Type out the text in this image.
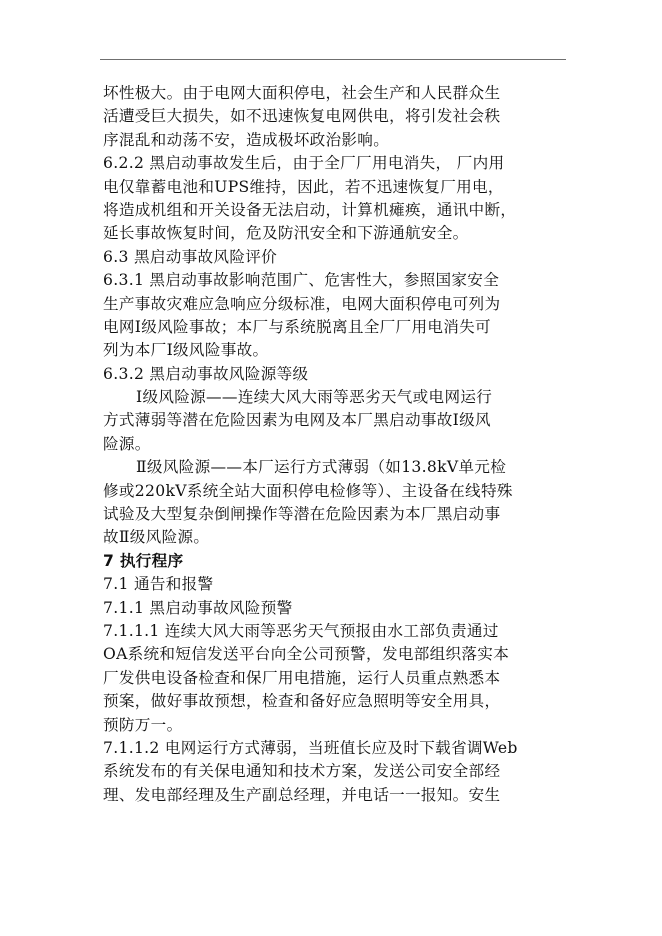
坏性极大。由于电网大面积停电，社会生产和人民群众生
活遭受巨大损失，如不迅速恢复电网供电，将引发社会秩
序混乱和动荡不安，造成极坏政治影响。
6.2.2 黑启动事故发生后，由于全厂厂用电消失， 厂内用
电仅靠蓄电池和UPS维持，因此，若不迅速恢复厂用电，
将造成机组和开关设备无法启动，计算机瘫痪，通讯中断，
延长事故恢复时间，危及防汛安全和下游通航安全。
6.3 黑启动事故风险评价
6.3.1 黑启动事故影响范围广、危害性大，参照国家安全
生产事故灾难应急响应分级标准，电网大面积停电可列为
电网Ⅰ级风险事故；本厂与系统脱离且全厂厂用电消失可
列为本厂Ⅰ级风险事故。
6.3.2 黑启动事故风险源等级
Ⅰ级风险源——连续大风大雨等恶劣天气或电网运行
方式薄弱等潜在危险因素为电网及本厂黑启动事故Ⅰ级风
险源。
Ⅱ级风险源——本厂运行方式薄弱（如13.8kV单元检
修或220kV系统全站大面积停电检修等）、主设备在线特殊
试验及大型复杂倒闸操作等潜在危险因素为本厂黑启动事
故Ⅱ级风险源。
7 执行程序
7.1 通告和报警
7.1.1 黑启动事故风险预警
7.1.1.1 连续大风大雨等恶劣天气预报由水工部负责通过
OA系统和短信发送平台向全公司预警，发电部组织落实本
厂发供电设备检查和保厂用电措施，运行人员重点熟悉本
预案，做好事故预想，检查和备好应急照明等安全用具，
预防万一。
7.1.1.2 电网运行方式薄弱，当班值长应及时下载省调Web
系统发布的有关保电通知和技术方案，发送公司安全部经
理、发电部经理及生产副总经理，并电话一一报知。安生
